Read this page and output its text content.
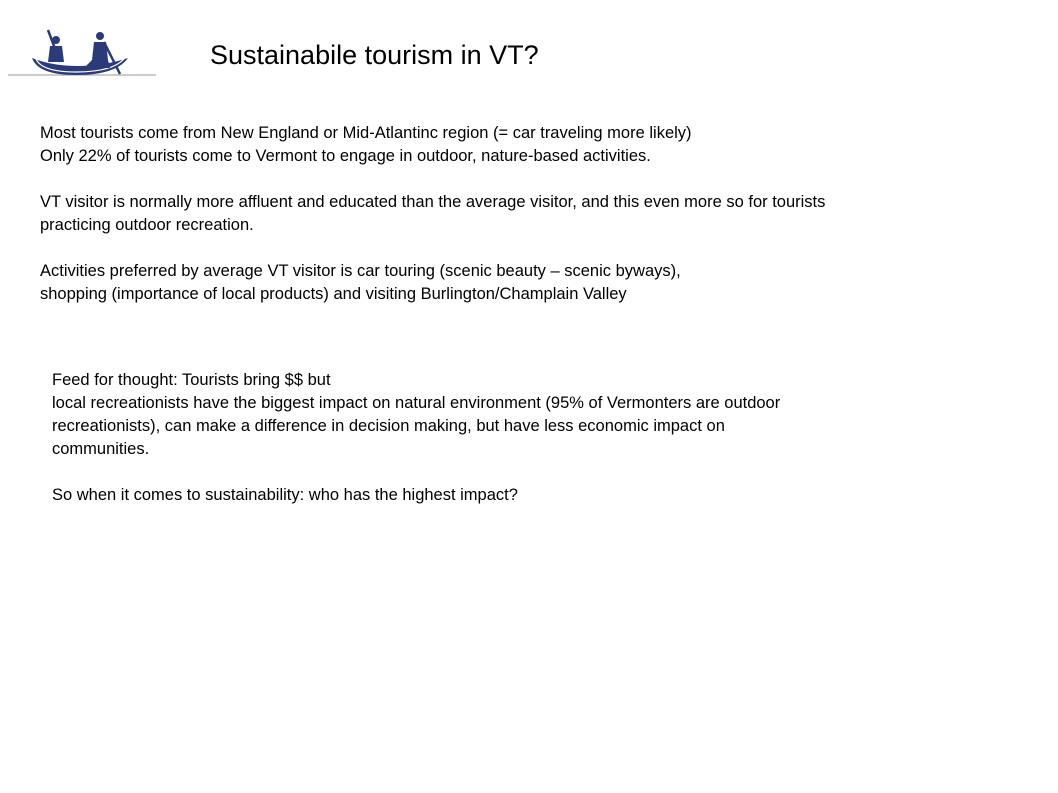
Sustainabile tourism in VT?
Most tourists come from New England or Mid-Atlantinc region (= car traveling more likely)
Only 22% of tourists come to Vermont to engage in outdoor, nature-based activities.
VT visitor is normally more affluent and educated than the average visitor, and this even more so for tourists
practicing outdoor recreation.
Activities preferred by average VT visitor is car touring (scenic beauty – scenic byways),
shopping (importance of local products) and visiting Burlington/Champlain Valley
Feed for thought: Tourists bring $$ but
local recreationists have the biggest impact on natural environment (95% of Vermonters are outdoor
recreationists), can make a difference in decision making, but have less economic impact on
communities.
So when it comes to sustainability: who has the highest impact?
